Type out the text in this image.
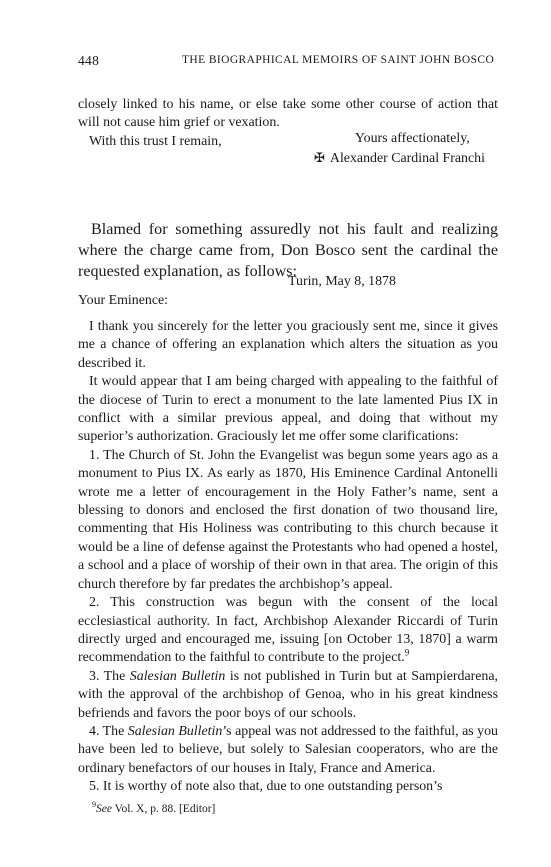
448	THE BIOGRAPHICAL MEMOIRS OF SAINT JOHN BOSCO

closely linked to his name, or else take some other course of action that will not cause him grief or vexation.

With this trust I remain,	Yours affectionately,
✠ Alexander Cardinal Franchi

Blamed for something assuredly not his fault and realizing where the charge came from, Don Bosco sent the cardinal the requested explanation, as follows:

Turin, May 8, 1878
Your Eminence:

I thank you sincerely for the letter you graciously sent me, since it gives me a chance of offering an explanation which alters the situation as you described it.

It would appear that I am being charged with appealing to the faithful of the diocese of Turin to erect a monument to the late lamented Pius IX in conflict with a similar previous appeal, and doing that without my superior’s authorization. Graciously let me offer some clarifications:

1. The Church of St. John the Evangelist was begun some years ago as a monument to Pius IX. As early as 1870, His Eminence Cardinal Antonelli wrote me a letter of encouragement in the Holy Father’s name, sent a blessing to donors and enclosed the first donation of two thousand lire, commenting that His Holiness was contributing to this church because it would be a line of defense against the Protestants who had opened a hostel, a school and a place of worship of their own in that area. The origin of this church therefore by far predates the archbishop’s appeal.

2. This construction was begun with the consent of the local ecclesiastical authority. In fact, Archbishop Alexander Riccardi of Turin directly urged and encouraged me, issuing [on October 13, 1870] a warm recommendation to the faithful to contribute to the project.$^9$

3. The Salesian Bulletin is not published in Turin but at Sampierdarena, with the approval of the archbishop of Genoa, who in his great kindness befriends and favors the poor boys of our schools.

4. The Salesian Bulletin’s appeal was not addressed to the faithful, as you have been led to believe, but solely to Salesian cooperators, who are the ordinary benefactors of our houses in Italy, France and America.

5. It is worthy of note also that, due to one outstanding person’s

$^9$See Vol. X, p. 88. [Editor]
